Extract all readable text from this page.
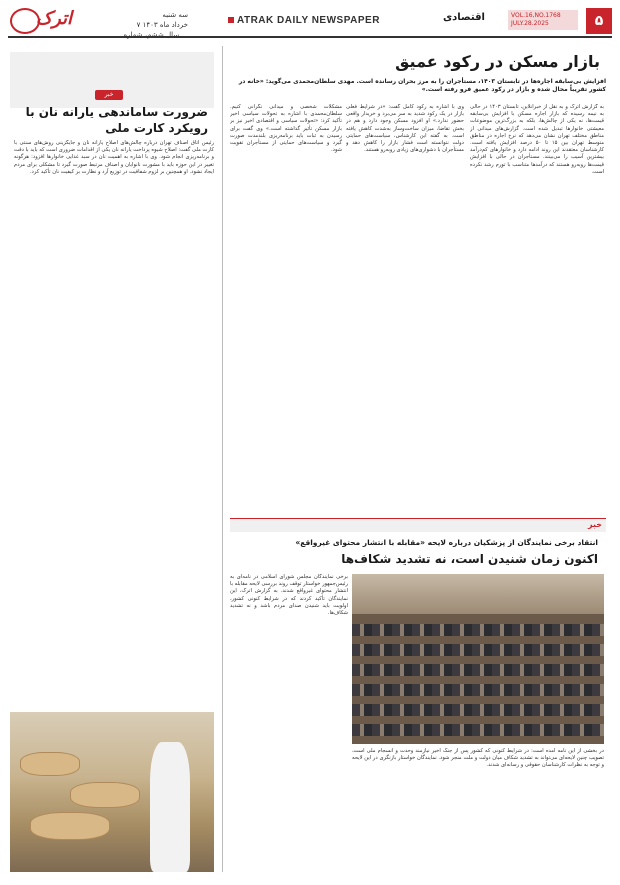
اترک	سه شنبه
۷ خرداد ماه ۱۴۰۳
سال ششم، شماره ...
ATRAK DAILY NEWSPAPER	اقتصادی	VOL.16,NO.1768
JULY.28.2025	۵
بازار مسکن در رکود عمیق
افزایش بی‌سابقه اجاره‌ها در تابستان ۱۴۰۳، مستأجران را به مرز بحران رسانده است. مهدی سلطان‌محمدی می‌گوید: «خانه در کشور تقریباً محال شده و بازار در رکود عمیق فرو رفته است.»
به گزارش اترک و به نقل از خبرآنلاین، تابستان ۱۴۰۳ در حالی به نیمه رسیده که بازار اجاره مسکن با افزایش بی‌سابقه قیمت‌ها، نه یکی از چالش‌ها، بلکه به بزرگ‌ترین موضوعات معیشتی خانوارها تبدیل شده است. گزارش‌های میدانی از مناطق مختلف تهران نشان می‌دهد که نرخ اجاره در مناطق متوسط تهران بین ۱۵ تا ۵۰ درصد افزایش یافته است. کارشناسان معتقدند این روند ادامه دارد و خانوارهای کم‌درآمد بیشترین آسیب را می‌بینند. مستأجران در حالی با افزایش قیمت‌ها روبه‌رو هستند که درآمدها متناسب با تورم رشد نکرده است.
وی با اشاره به رکود کامل گفت: «در شرایط فعلی بازار در یک رکود شدید به سر می‌برد و خریدار واقعی حضور ندارد.» او افزود مسکن وجود دارد و هم در بخش تقاضا، میزان ساخت‌وساز به‌شدت کاهش یافته است. به گفته این کارشناس، سیاست‌های حمایتی دولت نتوانسته است فشار بازار را کاهش دهد و مستأجران با دشواری‌های زیادی روبه‌رو هستند.
مشکلات شخصی و میدانی نگرانی کنیم. سلطان‌محمدی با اشاره به تحولات سیاسی اخیر تأکید کرد: «تحولات سیاسی و اقتصادی اخیر نیز بر بازار مسکن تأثیر گذاشته است.» وی گفت برای رسیدن به ثبات باید برنامه‌ریزی بلندمدت صورت گیرد و سیاست‌های حمایتی از مستأجران تقویت شود.
خبر
ضرورت ساماندهی یارانه نان با رویکرد کارت ملی
رئیس اتاق اصناف تهران درباره چالش‌های اصلاح یارانه نان و جایگزینی روش‌های سنتی با کارت ملی گفت: اصلاح شیوه پرداخت یارانه نان یکی از اقدامات ضروری است که باید با دقت و برنامه‌ریزی انجام شود. وی با اشاره به اهمیت نان در سبد غذایی خانوارها افزود: هرگونه تغییر در این حوزه باید با مشورت نانوایان و اصناف مرتبط صورت گیرد تا مشکلی برای مردم ایجاد نشود. او همچنین بر لزوم شفافیت در توزیع آرد و نظارت بر کیفیت نان تأکید کرد.
خبر
انتقاد برخی نمایندگان از پزشکیان درباره لایحه «مقابله با انتشار محتوای غیرواقع»
اکنون زمان شنیدن است، نه تشدید شکاف‌ها
برخی نمایندگان مجلس شورای اسلامی در نامه‌ای به رئیس‌جمهور خواستار توقف روند بررسی لایحه مقابله با انتشار محتوای غیرواقع شدند. به گزارش اترک، این نمایندگان تأکید کردند که در شرایط کنونی کشور، اولویت باید شنیدن صدای مردم باشد و نه تشدید شکاف‌ها.
در بخشی از این نامه آمده است: در شرایط کنونی که کشور پس از جنگ اخیر نیازمند وحدت و انسجام ملی است، تصویب چنین لایحه‌ای می‌تواند به تشدید شکاف میان دولت و ملت منجر شود. نمایندگان خواستار بازنگری در این لایحه و توجه به نظرات کارشناسان حقوقی و رسانه‌ای شدند.
